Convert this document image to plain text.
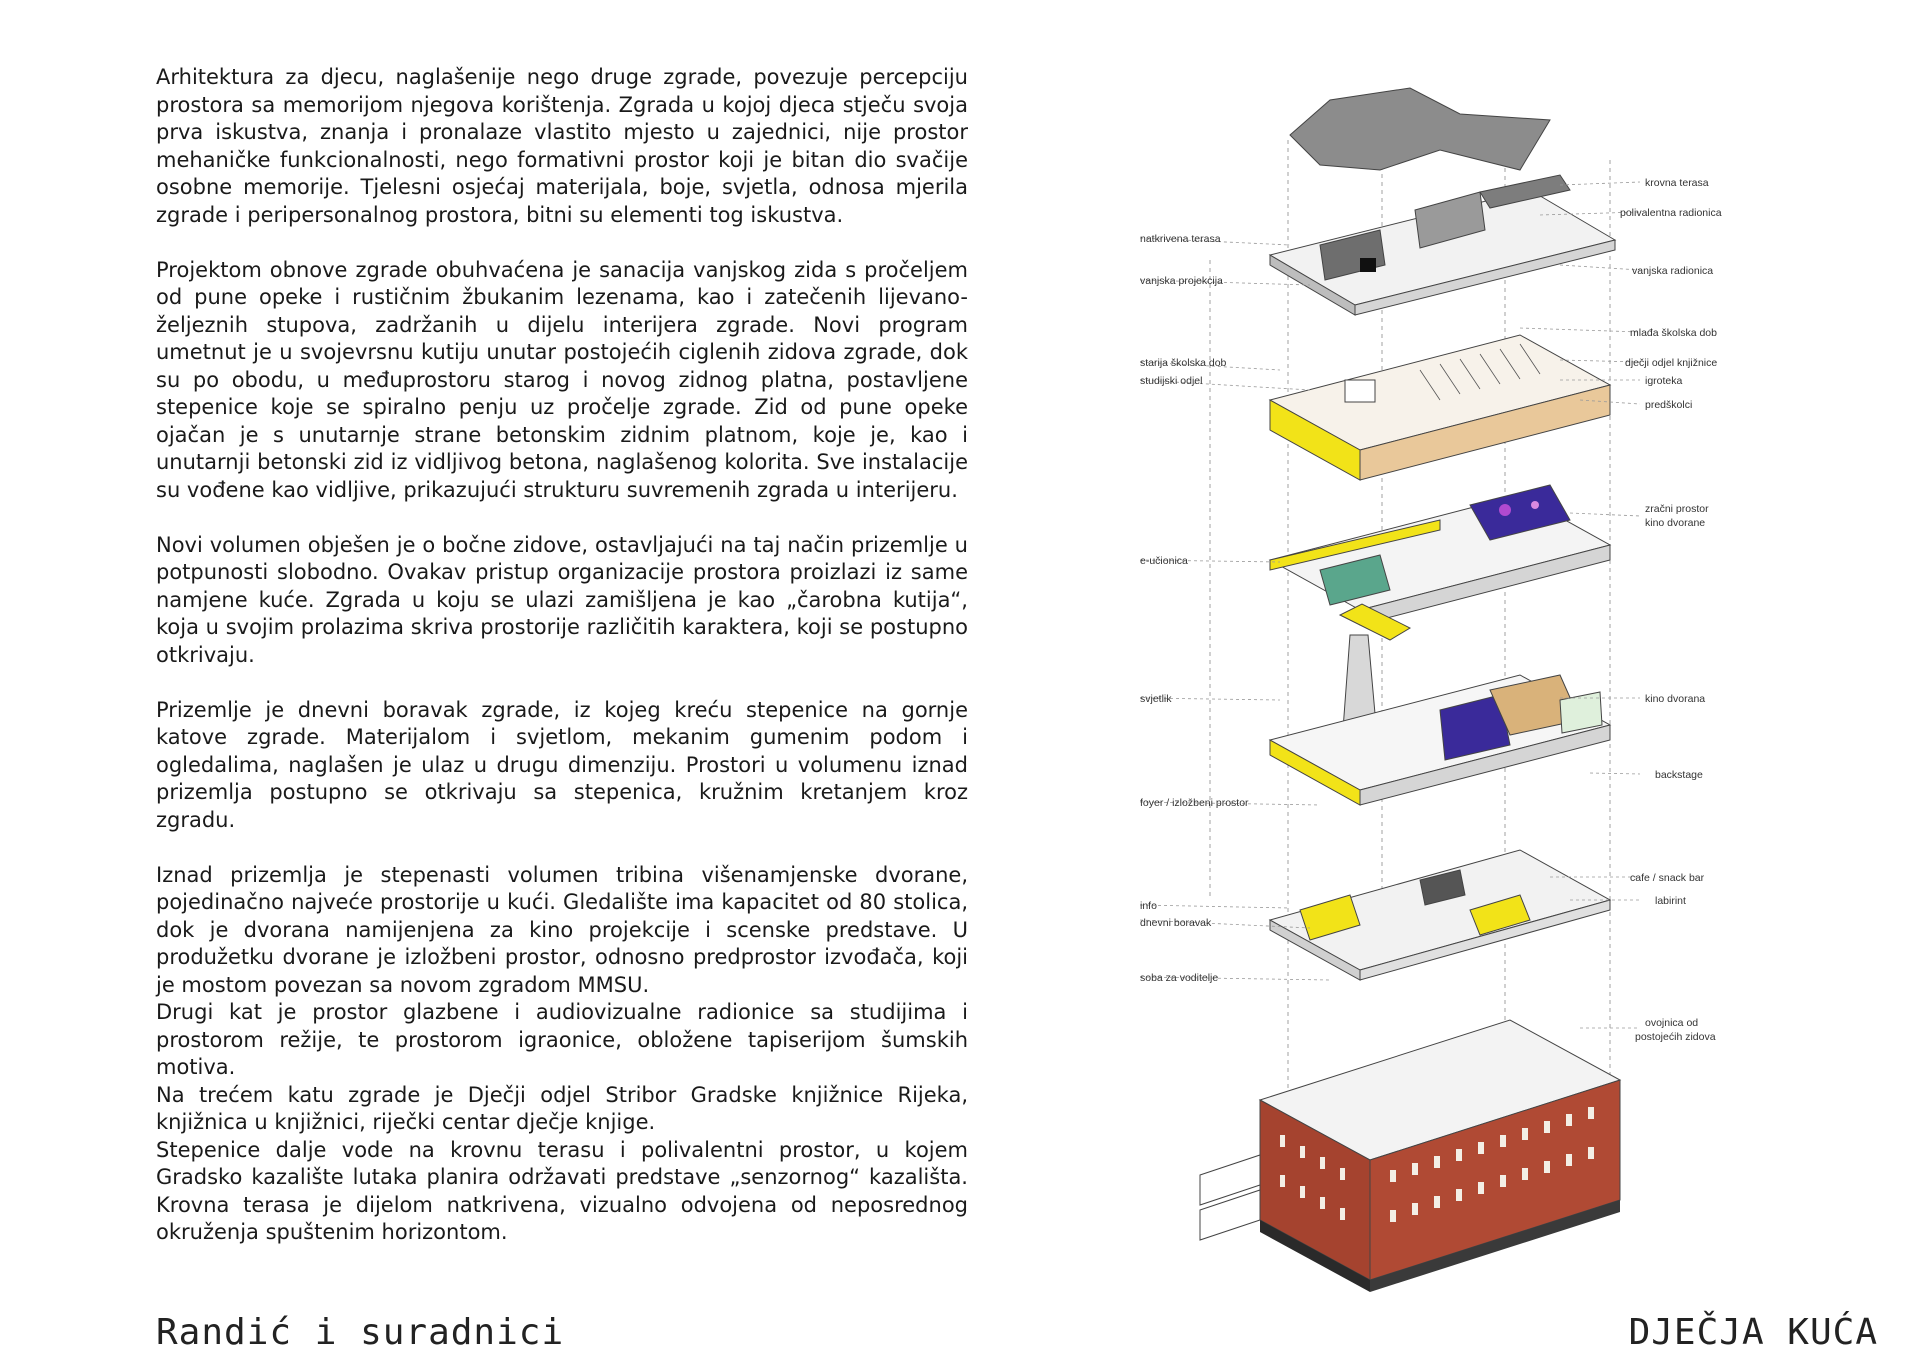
Arhitektura za djecu, naglašenije nego druge zgrade, povezuje percepciju prostora sa memorijom njegova korištenja. Zgrada u kojoj djeca stječu svoja prva iskustva, znanja i pronalaze vlastito mjesto u zajednici, nije prostor mehaničke funkcionalnosti, nego formativni prostor koji je bitan dio svačije osobne memorije. Tjelesni osjećaj materijala, boje, svjetla, odnosa mjerila zgrade i peripersonalnog prostora, bitni su elementi tog iskustva.

Projektom obnove zgrade obuhvaćena je sanacija vanjskog zida s pročeljem od pune opeke i rustičnim žbukanim lezenama, kao i zatečenih lijevano-željeznih stupova, zadržanih u dijelu interijera zgrade. Novi program umetnut je u svojevrsnu kutiju unutar postojećih ciglenih zidova zgrade, dok su po obodu, u međuprostoru starog i novog zidnog platna, postavljene stepenice koje se spiralno penju uz pročelje zgrade. Zid od pune opeke ojačan je s unutarnje strane betonskim zidnim platnom, koje je, kao i unutarnji betonski zid iz vidljivog betona, naglašenog kolorita. Sve instalacije su vođene kao vidljive, prikazujući strukturu suvremenih zgrada u interijeru.

Novi volumen obješen je o bočne zidove, ostavljajući na taj način prizemlje u potpunosti slobodno. Ovakav pristup organizacije prostora proizlazi iz same namjene kuće. Zgrada u koju se ulazi zamišljena je kao „čarobna kutija“, koja u svojim prolazima skriva prostorije različitih karaktera, koji se postupno otkrivaju.

Prizemlje je dnevni boravak zgrade, iz kojeg kreću stepenice na gornje katove zgrade. Materijalom i svjetlom, mekanim gumenim podom i ogledalima, naglašen je ulaz u drugu dimenziju. Prostori u volumenu iznad prizemlja postupno se otkrivaju sa stepenica, kružnim kretanjem kroz zgradu.

Iznad prizemlja je stepenasti volumen tribina višenamjenske dvorane, pojedinačno najveće prostorije u kući. Gledalište ima kapacitet od 80 stolica, dok je dvorana namijenjena za kino projekcije i scenske predstave. U produžetku dvorane je izložbeni prostor, odnosno predprostor izvođača, koji je mostom povezan sa novom zgradom MMSU.

Drugi kat je prostor glazbene i audiovizualne radionice sa studijima i prostorom režije, te prostorom igraonice, obložene tapiserijom šumskih motiva.

Na trećem katu zgrade je Dječji odjel Stribor Gradske knjižnice Rijeka, knjižnica u knjižnici, riječki centar dječje knjige.

Stepenice dalje vode na krovnu terasu i polivalentni prostor, u kojem Gradsko kazalište lutaka planira održavati predstave „senzornog“ kazališta. Krovna terasa je dijelom natkrivena, vizualno odvojena od neposrednog okruženja spuštenim horizontom.

natkrivena terasa
vanjska projekcija
starija školska dob
studijski odjel
e-učionica
svjetlik
foyer / izložbeni prostor
info
dnevni boravak
soba za voditelje
krovna terasa
polivalentna radionica
vanjska radionica
mlađa školska dob
dječji odjel knjižnice
igroteka
predškolci
zračni prostor
kino dvorane
kino dvorana
backstage
cafe / snack bar
labirint
ovojnica od
postojećih zidova
Randić i suradnici	DJEČJA KUĆA
